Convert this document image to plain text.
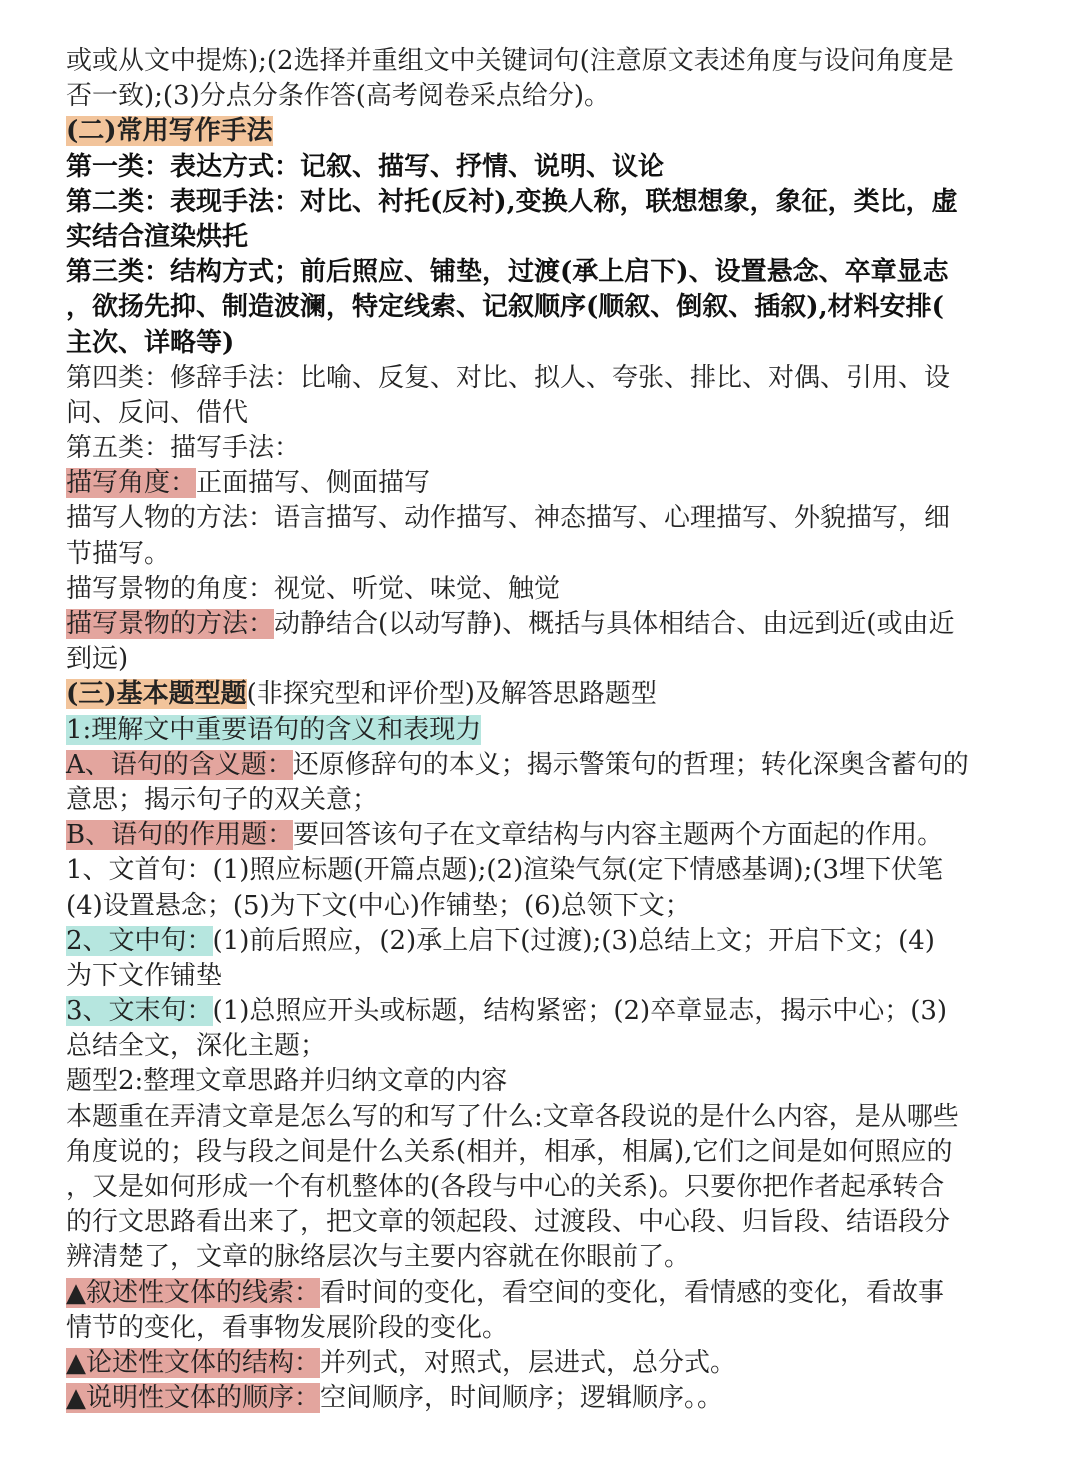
或或从文中提炼);(2选择并重组文中关键词句(注意原文表述角度与设问角度是
否一致);(3)分点分条作答(高考阅卷采点给分)。
(二)常用写作手法
第一类：表达方式：记叙、描写、抒情、说明、议论
第二类：表现手法：对比、衬托(反衬),变换人称，联想想象，象征，类比，虚
实结合渲染烘托
第三类：结构方式；前后照应、铺垫，过渡(承上启下)、设置悬念、卒章显志
，欲扬先抑、制造波澜，特定线索、记叙顺序(顺叙、倒叙、插叙),材料安排(
主次、详略等)
第四类：修辞手法：比喻、反复、对比、拟人、夸张、排比、对偶、引用、设
问、反问、借代
第五类：描写手法：
描写角度：正面描写、侧面描写
描写人物的方法：语言描写、动作描写、神态描写、心理描写、外貌描写，细
节描写。
描写景物的角度：视觉、听觉、味觉、触觉
描写景物的方法：动静结合(以动写静)、概括与具体相结合、由远到近(或由近
到远)
(三)基本题型题(非探究型和评价型)及解答思路题型
1:理解文中重要语句的含义和表现力
A、语句的含义题：还原修辞句的本义；揭示警策句的哲理；转化深奥含蓄句的
意思；揭示句子的双关意；
B、语句的作用题：要回答该句子在文章结构与内容主题两个方面起的作用。
1、文首句：(1)照应标题(开篇点题);(2)渲染气氛(定下情感基调);(3埋下伏笔
(4)设置悬念；(5)为下文(中心)作铺垫；(6)总领下文；
2、文中句：(1)前后照应，(2)承上启下(过渡);(3)总结上文；开启下文；(4)
为下文作铺垫
3、文末句：(1)总照应开头或标题，结构紧密；(2)卒章显志，揭示中心；(3)
总结全文，深化主题；
题型2:整理文章思路并归纳文章的内容
本题重在弄清文章是怎么写的和写了什么:文章各段说的是什么内容，是从哪些
角度说的；段与段之间是什么关系(相并，相承，相属),它们之间是如何照应的
，又是如何形成一个有机整体的(各段与中心的关系)。只要你把作者起承转合
的行文思路看出来了，把文章的领起段、过渡段、中心段、归旨段、结语段分
辨清楚了，文章的脉络层次与主要内容就在你眼前了。
▲叙述性文体的线索：看时间的变化，看空间的变化，看情感的变化，看故事
情节的变化，看事物发展阶段的变化。
▲论述性文体的结构：并列式，对照式，层进式，总分式。
▲说明性文体的顺序：空间顺序，时间顺序；逻辑顺序。。
